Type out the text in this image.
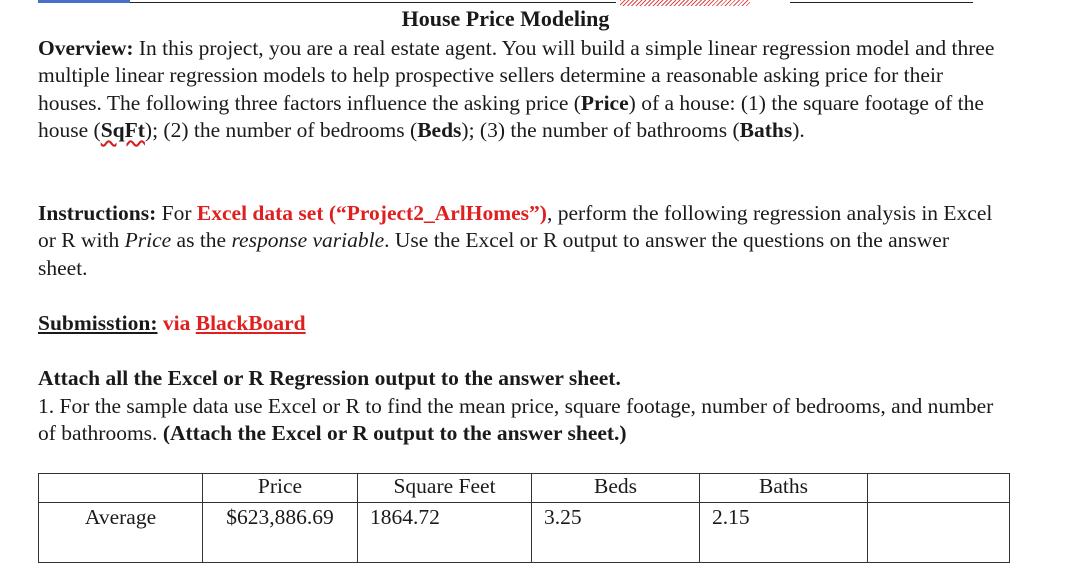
House Price Modeling
Overview: In this project, you are a real estate agent. You will build a simple linear regression model and three multiple linear regression models to help prospective sellers determine a reasonable asking price for their houses. The following three factors influence the asking price (Price) of a house: (1) the square footage of the house (SqFt); (2) the number of bedrooms (Beds); (3) the number of bathrooms (Baths).
Instructions: For Excel data set (“Project2_ArlHomes”), perform the following regression analysis in Excel or R with Price as the response variable. Use the Excel or R output to answer the questions on the answer sheet.
Submisstion: via BlackBoard
Attach all the Excel or R Regression output to the answer sheet.
1. For the sample data use Excel or R to find the mean price, square footage, number of bedrooms, and number of bathrooms. (Attach the Excel or R output to the answer sheet.)
	Price	Square Feet	Beds	Baths	
Average	$623,886.69	1864.72	3.25	2.15	
